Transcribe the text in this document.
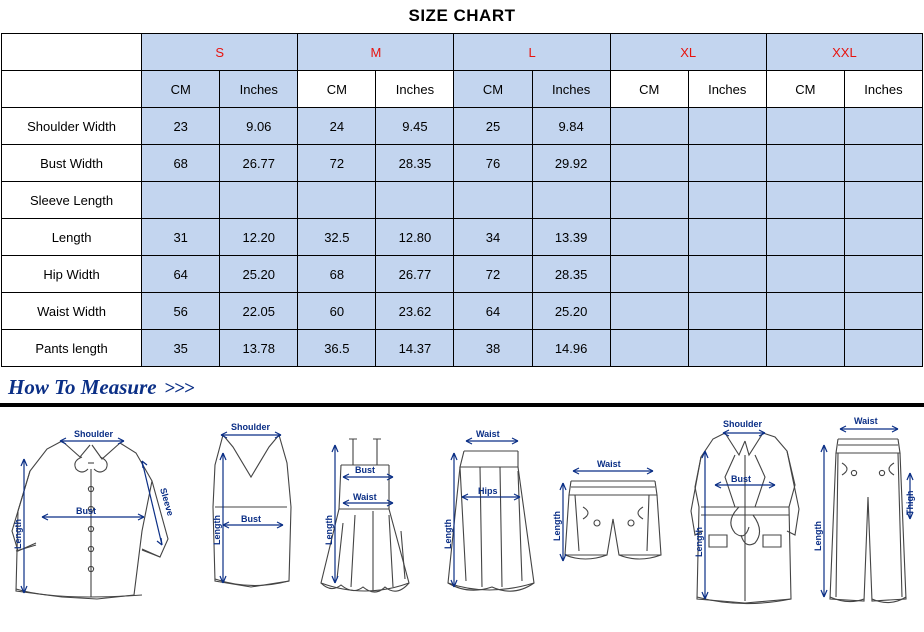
SIZE CHART
	S		M		L		XL		XXL	
	CM	Inches	CM	Inches	CM	Inches	CM	Inches	CM	Inches
Shoulder Width	23	9.06	24	9.45	25	9.84				
Bust Width	68	26.77	72	28.35	76	29.92				
Sleeve Length										
Length	31	12.20	32.5	12.80	34	13.39				
Hip Width	64	25.20	68	26.77	72	28.35				
Waist Width	56	22.05	60	23.62	64	25.20				
Pants length	35	13.78	36.5	14.37	38	14.96				
How To Measure >>>
Shoulder
Bust	Sleeve
Length
Shoulder
Bust
Length
Bust
Waist
Length
Waist
Hips
Length
Waist
Length
Shoulder
Bust
Length
Waist
Thigh
Length
